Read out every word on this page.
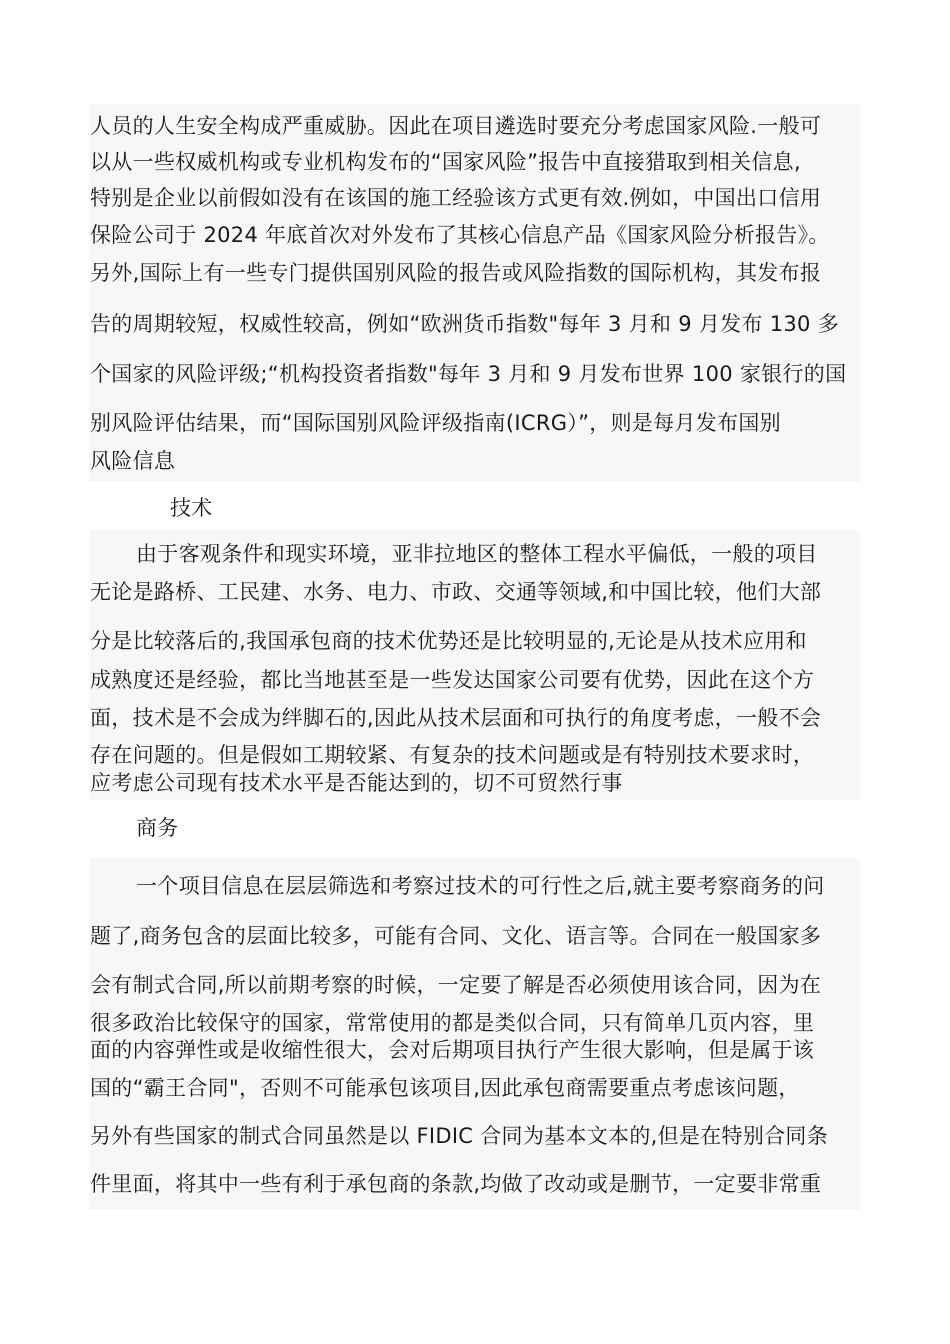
人员的人生安全构成严重威胁。因此在项目遴选时要充分考虑国家风险.一般可
以从一些权威机构或专业机构发布的“国家风险”报告中直接猎取到相关信息,
特别是企业以前假如没有在该国的施工经验该方式更有效.例如，中国出口信用
保险公司于 2024 年底首次对外发布了其核心信息产品《国家风险分析报告》。
另外,国际上有一些专门提供国别风险的报告或风险指数的国际机构，其发布报
告的周期较短，权威性较高，例如“欧洲货币指数"每年 3 月和 9 月发布 130 多
个国家的风险评级;“机构投资者指数"每年 3 月和 9 月发布世界 100 家银行的国
别风险评估结果，而“国际国别风险评级指南(ICRG）”，则是每月发布国别
风险信息
技术
由于客观条件和现实环境，亚非拉地区的整体工程水平偏低，一般的项目
无论是路桥、工民建、水务、电力、市政、交通等领域,和中国比较，他们大部
分是比较落后的,我国承包商的技术优势还是比较明显的,无论是从技术应用和
成熟度还是经验，都比当地甚至是一些发达国家公司要有优势，因此在这个方
面，技术是不会成为绊脚石的,因此从技术层面和可执行的角度考虑，一般不会
存在问题的。但是假如工期较紧、有复杂的技术问题或是有特别技术要求时，
应考虑公司现有技术水平是否能达到的，切不可贸然行事
商务
一个项目信息在层层筛选和考察过技术的可行性之后,就主要考察商务的问
题了,商务包含的层面比较多，可能有合同、文化、语言等。合同在一般国家多
会有制式合同,所以前期考察的时候，一定要了解是否必须使用该合同，因为在
很多政治比较保守的国家，常常使用的都是类似合同，只有简单几页内容，里
面的内容弹性或是收缩性很大，会对后期项目执行产生很大影响，但是属于该
国的“霸王合同"，否则不可能承包该项目,因此承包商需要重点考虑该问题，
另外有些国家的制式合同虽然是以 FIDIC 合同为基本文本的,但是在特别合同条
件里面，将其中一些有利于承包商的条款,均做了改动或是删节，一定要非常重
